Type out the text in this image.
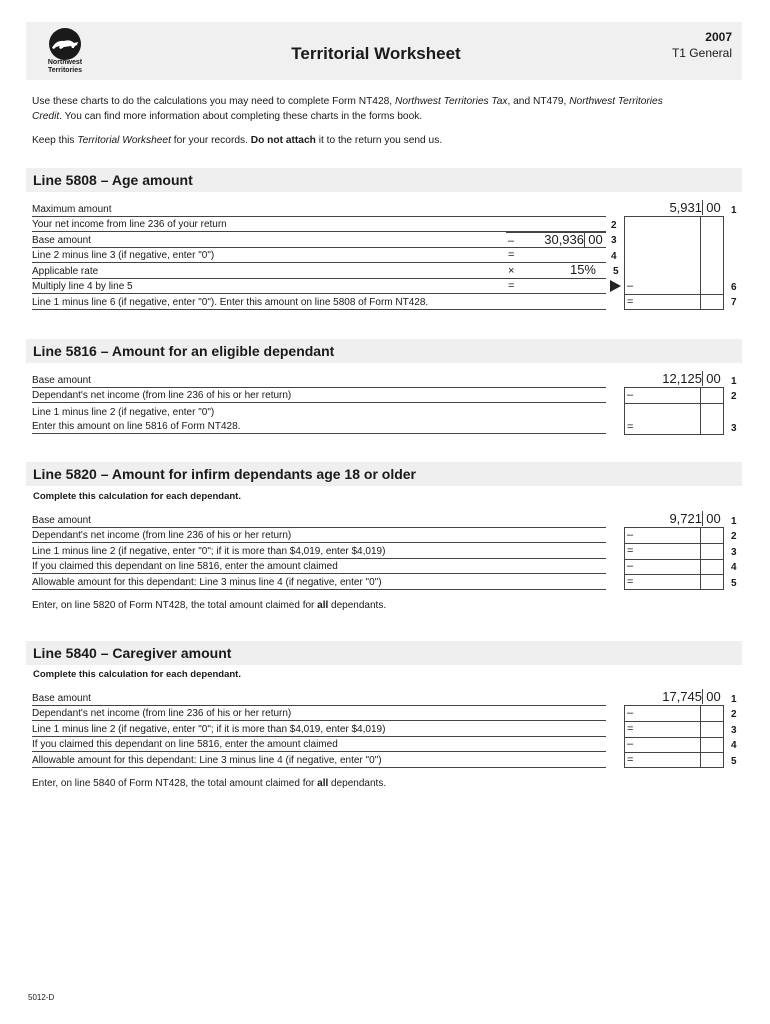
Northwest Territories
Territorial Worksheet
2007
T1 General
Use these charts to do the calculations you may need to complete Form NT428, Northwest Territories Tax, and NT479, Northwest Territories Credit. You can find more information about completing these charts in the forms book.
Keep this Territorial Worksheet for your records. Do not attach it to the return you send us.
Line 5808 – Age amount
Maximum amount
Your net income from line 236 of your return
Base amount
Line 2 minus line 3 (if negative, enter "0")
Applicable rate
Multiply line 4 by line 5
Line 1 minus line 6 (if negative, enter "0"). Enter this amount on line 5808 of Form NT428.
5,931 00
– 30,936 00
=
×	15%
=	–
=
1
2
3
4
5
6
7
Line 5816 – Amount for an eligible dependant
Base amount
Dependant's net income (from line 236 of his or her return)
Line 1 minus line 2 (if negative, enter "0")
Enter this amount on line 5816 of Form NT428.
12,125 00
–
=
1
2
3
Line 5820 – Amount for infirm dependants age 18 or older
Complete this calculation for each dependant.
Base amount
Dependant's net income (from line 236 of his or her return)
Line 1 minus line 2 (if negative, enter "0"; if it is more than $4,019, enter $4,019)
If you claimed this dependant on line 5816, enter the amount claimed
Allowable amount for this dependant: Line 3 minus line 4 (if negative, enter "0")
9,721 00
–
=
–
=
1
2
3
4
5
Enter, on line 5820 of Form NT428, the total amount claimed for all dependants.
Line 5840 – Caregiver amount
Complete this calculation for each dependant.
Base amount
Dependant's net income (from line 236 of his or her return)
Line 1 minus line 2 (if negative, enter "0"; if it is more than $4,019, enter $4,019)
If you claimed this dependant on line 5816, enter the amount claimed
Allowable amount for this dependant: Line 3 minus line 4 (if negative, enter "0")
17,745 00
–
=
–
=
1
2
3
4
5
Enter, on line 5840 of Form NT428, the total amount claimed for all dependants.
5012-D
